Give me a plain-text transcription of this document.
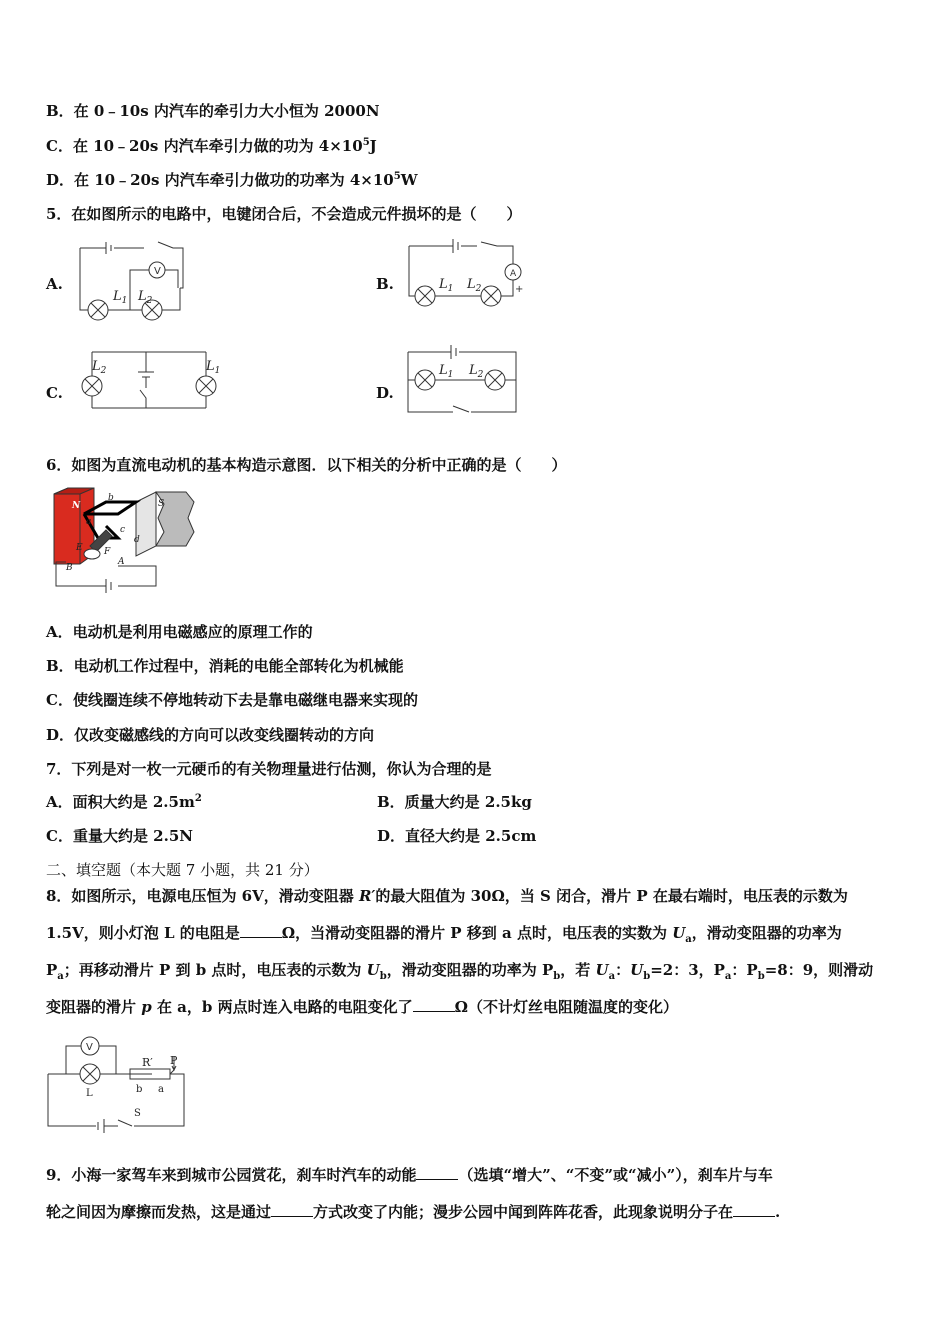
B．在 0﹣10s 内汽车的牵引力大小恒为 2000N
C．在 10﹣20s 内汽车牵引力做的功为 $4\times 10^5J$
D．在 10﹣20s 内汽车牵引力做功的功率为 $4\times 10^5W$
5．在如图所示的电路中，电键闭合后，不会造成元件损坏的是（　　）
A.
V
$L_1$ $L_2$
B.
A
+
$L_1$ $L_2$
C.
$L_2$	$L_1$
D.
$L_1$ $L_2$
6．如图为直流电动机的基本构造示意图．以下相关的分析中正确的是（　　）
N	S
b
a
c
d
B
A
E F
A．电动机是利用电磁感应的原理工作的
B．电动机工作过程中，消耗的电能全部转化为机械能
C．使线圈连续不停地转动下去是靠电磁继电器来实现的
D．仅改变磁感线的方向可以改变线圈转动的方向
7．下列是对一枚一元硬币的有关物理量进行估测，你认为合理的是
A．面积大约是 $2.5m^2$	B．质量大约是 2.5kg
C．重量大约是 2.5N	D．直径大约是 2.5cm
二、填空题（本大题 7 小题，共 21 分）
8．如图所示，电源电压恒为 6V，滑动变阻器 R′的最大阻值为 30Ω，当 S 闭合，滑片 P 在最右端时，电压表的示数为
1.5V，则小灯泡 L 的电阻是	Ω，当滑动变阻器的滑片 P 移到 a 点时，电压表的实数为 $U_a$，滑动变阻器的功率为
$P_a$；再移动滑片 P 到 b 点时，电压表的示数为 $U_b$，滑动变阻器的功率为 $P_b$，若 $U_a$：$U_b=2$：3，$P_a$：$P_b=8$：9，则滑动
变阻器的滑片 p 在 a，b 两点时连入电路的电阻变化了	Ω（不计灯丝电阻随温度的变化）
V
R′ P
b a
L
S
9．小海一家驾车来到城市公园赏花，刹车时汽车的动能	（选填“增大”、“不变”或“减小”），刹车片与车
轮之间因为摩擦而发热，这是通过	方式改变了内能；漫步公园中闻到阵阵花香，此现象说明分子在	.
